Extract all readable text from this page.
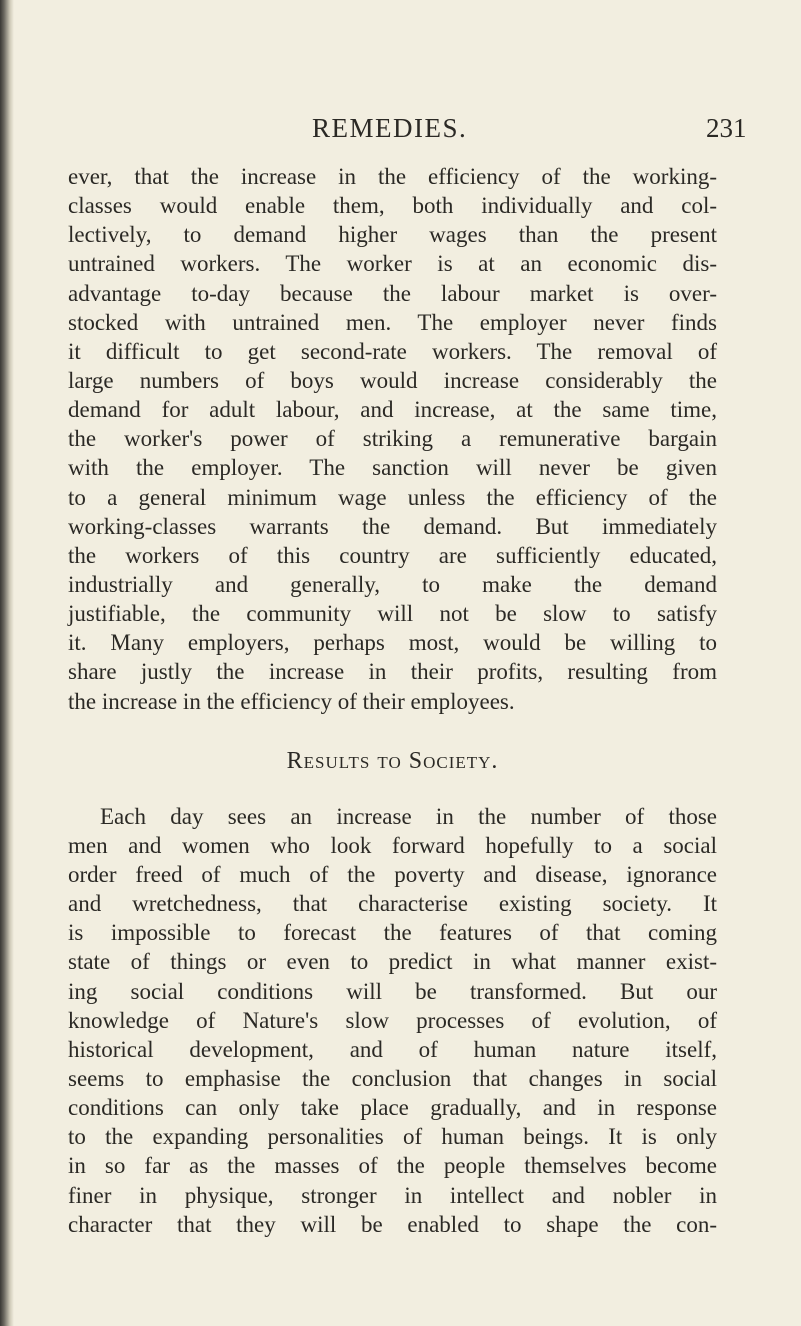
REMEDIES.	231
ever, that the increase in the efficiency of the working-
classes would enable them, both individually and col-
lectively, to demand higher wages than the present
untrained workers. The worker is at an economic dis-
advantage to-day because the labour market is over-
stocked with untrained men. The employer never finds
it difficult to get second-rate workers. The removal of
large numbers of boys would increase considerably the
demand for adult labour, and increase, at the same time,
the worker's power of striking a remunerative bargain
with the employer. The sanction will never be given
to a general minimum wage unless the efficiency of the
working-classes warrants the demand. But immediately
the workers of this country are sufficiently educated,
industrially and generally, to make the demand
justifiable, the community will not be slow to satisfy
it. Many employers, perhaps most, would be willing to
share justly the increase in their profits, resulting from
the increase in the efficiency of their employees.
Results to Society.
Each day sees an increase in the number of those
men and women who look forward hopefully to a social
order freed of much of the poverty and disease, ignorance
and wretchedness, that characterise existing society. It
is impossible to forecast the features of that coming
state of things or even to predict in what manner exist-
ing social conditions will be transformed. But our
knowledge of Nature's slow processes of evolution, of
historical development, and of human nature itself,
seems to emphasise the conclusion that changes in social
conditions can only take place gradually, and in response
to the expanding personalities of human beings. It is only
in so far as the masses of the people themselves become
finer in physique, stronger in intellect and nobler in
character that they will be enabled to shape the con-
